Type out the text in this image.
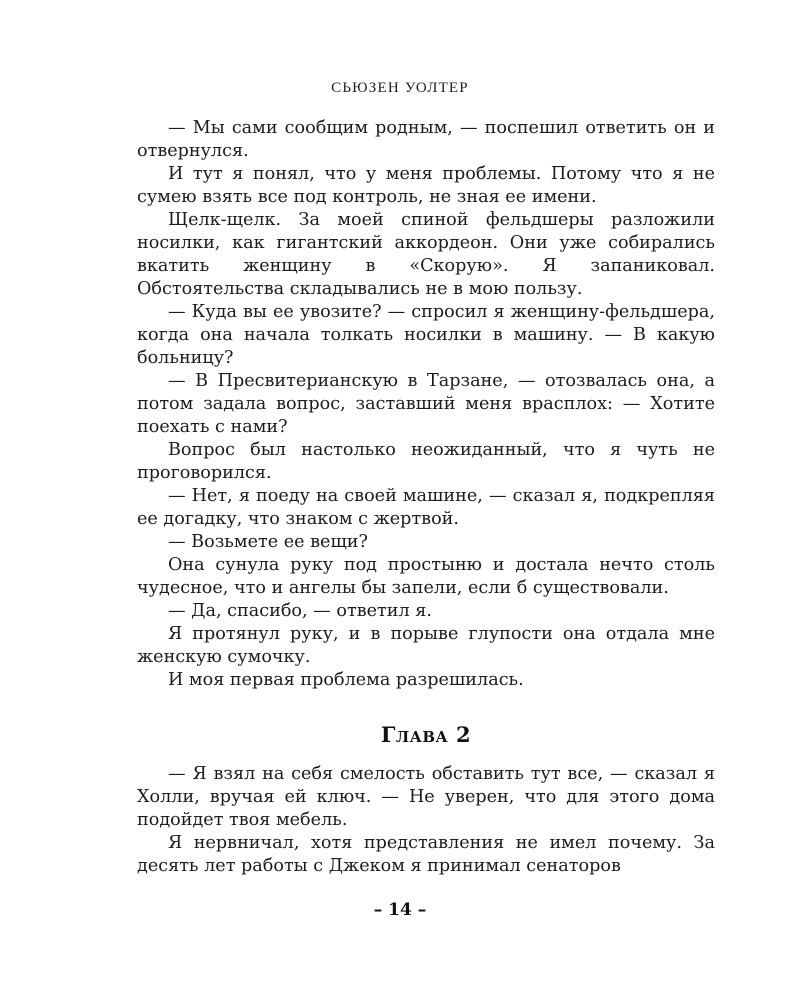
СЬЮЗЕН УОЛТЕР

— Мы сами сообщим родным, — поспешил ответить он и отвернулся.

И тут я понял, что у меня проблемы. Потому что я не сумею взять все под контроль, не зная ее имени.

Щелк-щелк. За моей спиной фельдшеры разложили носилки, как гигантский аккордеон. Они уже собирались вкатить женщину в «Скорую». Я запаниковал. Обстоятельства складывались не в мою пользу.

— Куда вы ее увозите? — спросил я женщину-фельдшера, когда она начала толкать носилки в машину. — В какую больницу?

— В Пресвитерианскую в Тарзане, — отозвалась она, а потом задала вопрос, заставший меня врасплох: — Хотите поехать с нами?

Вопрос был настолько неожиданный, что я чуть не проговорился.

— Нет, я поеду на своей машине, — сказал я, подкрепляя ее догадку, что знаком с жертвой.

— Возьмете ее вещи?

Она сунула руку под простыню и достала нечто столь чудесное, что и ангелы бы запели, если б существовали.

— Да, спасибо, — ответил я.

Я протянул руку, и в порыве глупости она отдала мне женскую сумочку.

И моя первая проблема разрешилась.

Глава 2

— Я взял на себя смелость обставить тут все, — сказал я Холли, вручая ей ключ. — Не уверен, что для этого дома подойдет твоя мебель.

Я нервничал, хотя представления не имел почему. За десять лет работы с Джеком я принимал сенаторов

– 14 –
